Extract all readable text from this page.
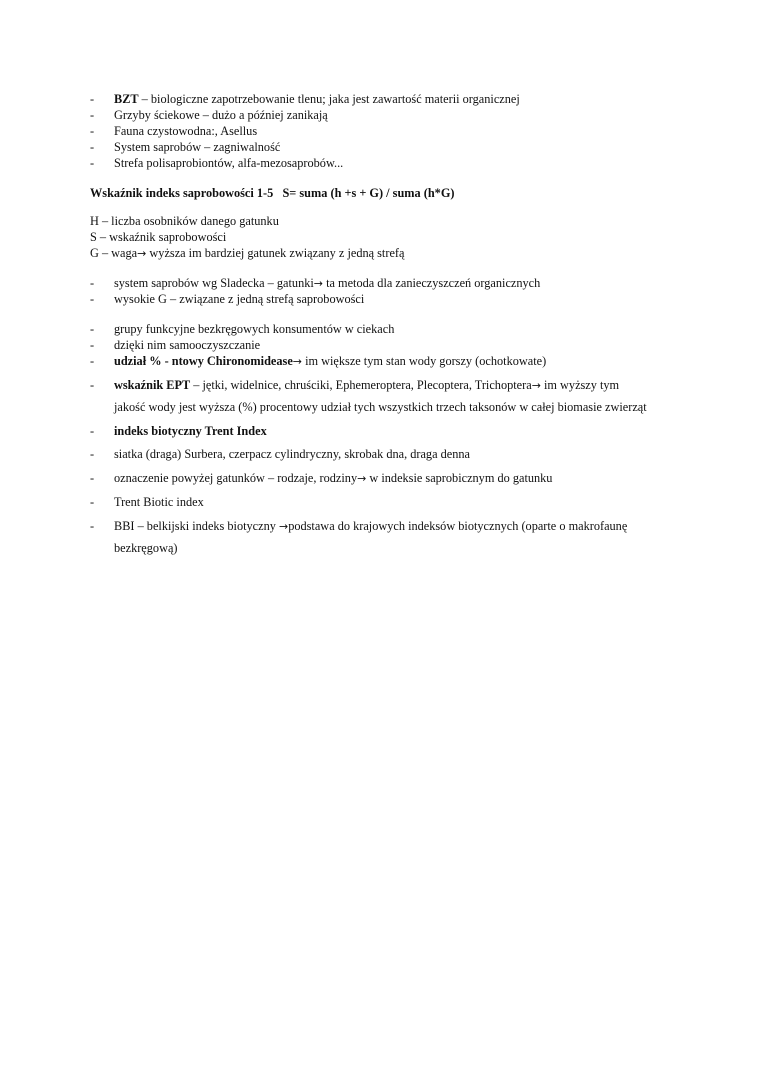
- BZT – biologiczne zapotrzebowanie tlenu; jaka jest zawartość materii organicznej
- Grzyby ściekowe – dużo a później zanikają
- Fauna czystowodna:, Asellus
- System saprobów – zagniwalność
- Strefa polisaprobiontów, alfa-mezosaprobów...
Wskaźnik indeks saprobowości 1-5   S= suma (h +s + G) / suma (h*G)
H – liczba osobników danego gatunku
S – wskaźnik saprobowości
G – waga→ wyższa im bardziej gatunek związany z jedną strefą
- system saprobów wg Sladecka – gatunki→ ta metoda dla zanieczyszczeń organicznych
- wysokie G – związane z jedną strefą saprobowości
- grupy funkcyjne bezkręgowych konsumentów w ciekach
- dzięki nim samooczyszczanie
- udział % - ntowy Chironomidease→ im większe tym stan wody gorszy (ochotkowate)
- wskaźnik EPT – jętki, widelnice, chruściki, Ephemeroptera, Plecoptera, Trichoptera→ im wyższy tym
jakość wody jest wyższa (%) procentowy udział tych wszystkich trzech taksonów w całej biomasie zwierząt
- indeks biotyczny Trent Index
- siatka (draga) Surbera, czerpacz cylindryczny, skrobak dna, draga denna
- oznaczenie powyżej gatunków – rodzaje, rodziny→ w indeksie saprobicznym do gatunku
- Trent Biotic index
- BBI – belkijski indeks biotyczny →podstawa do krajowych indeksów biotycznych (oparte o makrofaunę
bezkręgową)
